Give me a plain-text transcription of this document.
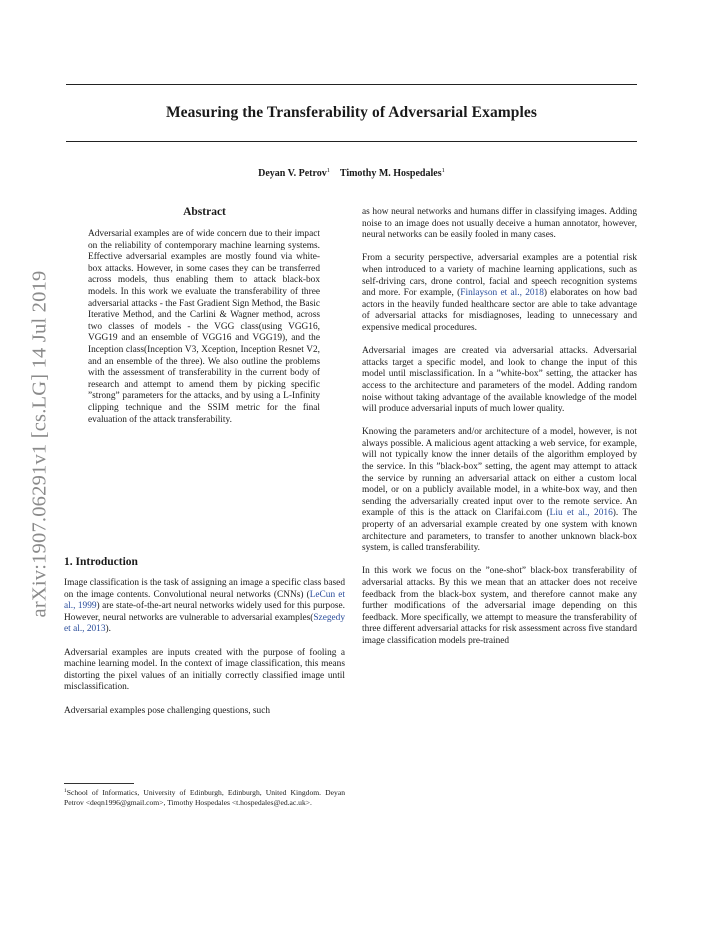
Measuring the Transferability of Adversarial Examples
Deyan V. Petrov$^1$ Timothy M. Hospedales$^1$
arXiv:1907.06291v1 [cs.LG] 14 Jul 2019
Abstract
Adversarial examples are of wide concern due to their impact on the reliability of contemporary machine learning systems. Effective adversarial examples are mostly found via white-box attacks. However, in some cases they can be transferred across models, thus enabling them to attack black-box models. In this work we evaluate the transferability of three adversarial attacks - the Fast Gradient Sign Method, the Basic Iterative Method, and the Carlini & Wagner method, across two classes of models - the VGG class(using VGG16, VGG19 and an ensemble of VGG16 and VGG19), and the Inception class(Inception V3, Xception, Inception Resnet V2, and an ensemble of the three). We also outline the problems with the assessment of transferability in the current body of research and attempt to amend them by picking specific ”strong” parameters for the attacks, and by using a L-Infinity clipping technique and the SSIM metric for the final evaluation of the attack transferability.
1. Introduction

Image classification is the task of assigning an image a specific class based on the image contents. Convolutional neural networks (CNNs) (LeCun et al., 1999) are state-of-the-art neural networks widely used for this purpose. However, neural networks are vulnerable to adversarial examples(Szegedy et al., 2013).

Adversarial examples are inputs created with the purpose of fooling a machine learning model. In the context of image classification, this means distorting the pixel values of an initially correctly classified image until misclassification.

Adversarial examples pose challenging questions, such

$^1$School of Informatics, University of Edinburgh, Edinburgh, United Kingdom. Deyan Petrov <deqn1996@gmail.com>, Timothy Hospedales <t.hospedales@ed.ac.uk>.

as how neural networks and humans differ in classifying images. Adding noise to an image does not usually deceive a human annotator, however, neural networks can be easily fooled in many cases.

From a security perspective, adversarial examples are a potential risk when introduced to a variety of machine learning applications, such as self-driving cars, drone control, facial and speech recognition systems and more. For example, (Finlayson et al., 2018) elaborates on how bad actors in the heavily funded healthcare sector are able to take advantage of adversarial attacks for misdiagnoses, leading to unnecessary and expensive medical procedures.

Adversarial images are created via adversarial attacks. Adversarial attacks target a specific model, and look to change the input of this model until misclassification. In a ”white-box” setting, the attacker has access to the architecture and parameters of the model. Adding random noise without taking advantage of the available knowledge of the model will produce adversarial inputs of much lower quality.

Knowing the parameters and/or architecture of a model, however, is not always possible. A malicious agent attacking a web service, for example, will not typically know the inner details of the algorithm employed by the service. In this ”black-box” setting, the agent may attempt to attack the service by running an adversarial attack on either a custom local model, or on a publicly available model, in a white-box way, and then sending the adversarially created input over to the remote service. An example of this is the attack on Clarifai.com (Liu et al., 2016). The property of an adversarial example created by one system with known architecture and parameters, to transfer to another unknown black-box system, is called transferability.

In this work we focus on the ”one-shot” black-box transferability of adversarial attacks. By this we mean that an attacker does not receive feedback from the black-box system, and therefore cannot make any further modifications of the adversarial image depending on this feedback. More specifically, we attempt to measure the transferability of three different adversarial attacks for risk assessment across five standard image classification models pre-trained
